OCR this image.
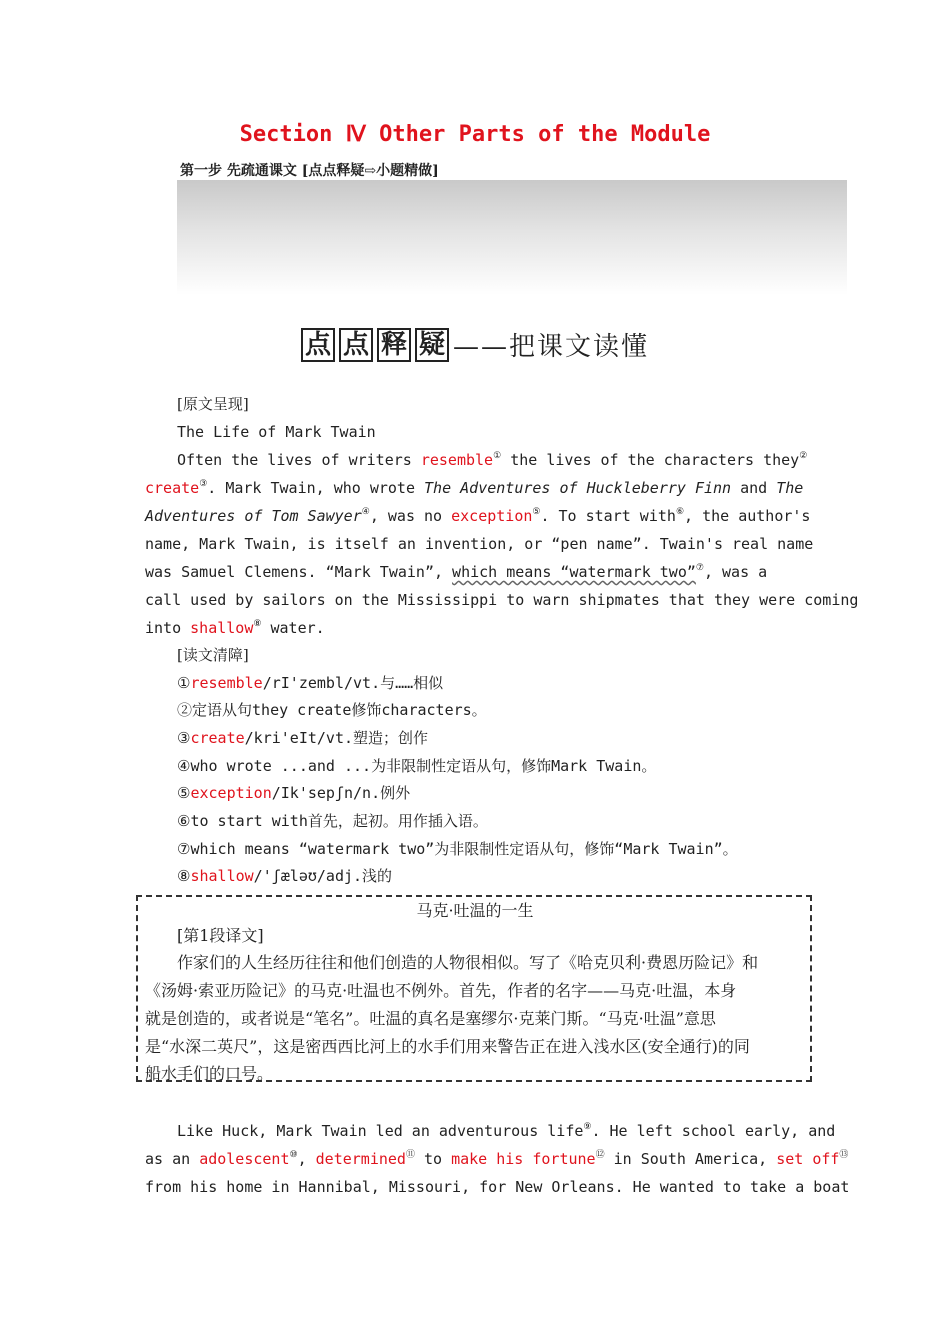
Section Ⅳ Other Parts of the Module
第一步 先疏通课文 [点点释疑⇨小题精做]
点 点 释 疑 ——把课文读懂
[原文呈现]
The Life of Mark Twain
Often the lives of writers resemble① the lives of the characters they②
create③. Mark Twain, who wrote The Adventures of Huckleberry Finn and The
Adventures of Tom Sawyer④, was no exception⑤. To start with⑥, the author's
name, Mark Twain, is itself an invention, or “pen name”. Twain's real name
was Samuel Clemens. “Mark Twain”, which means “watermark two”⑦, was a
call used by sailors on the Mississippi to warn shipmates that they were coming
into shallow⑧ water.
[读文清障]
①resemble/rI'zembl/vt.与……相似
②定语从句they create修饰characters。
③create/kri'eIt/vt.塑造；创作
④who wrote ...and ...为非限制性定语从句，修饰Mark Twain。
⑤exception/Ik'sepʃn/n.例外
⑥to start with首先，起初。用作插入语。
⑦which means “watermark two”为非限制性定语从句，修饰“Mark Twain”。
⑧shallow/'ʃæləʊ/adj.浅的
马克·吐温的一生
[第1段译文]
作家们的人生经历往往和他们创造的人物很相似。写了《哈克贝利·费恩历险记》和
《汤姆·索亚历险记》的马克·吐温也不例外。首先，作者的名字——马克·吐温，本身
就是创造的，或者说是“笔名”。吐温的真名是塞缪尔·克莱门斯。“马克·吐温”意思
是“水深二英尺”，这是密西西比河上的水手们用来警告正在进入浅水区(安全通行)的同
船水手们的口号。
Like Huck, Mark Twain led an adventurous life⑨. He left school early, and
as an adolescent⑩, determined⑪ to make his fortune⑫ in South America, set off⑬
from his home in Hannibal, Missouri, for New Orleans. He wanted to take a boat
